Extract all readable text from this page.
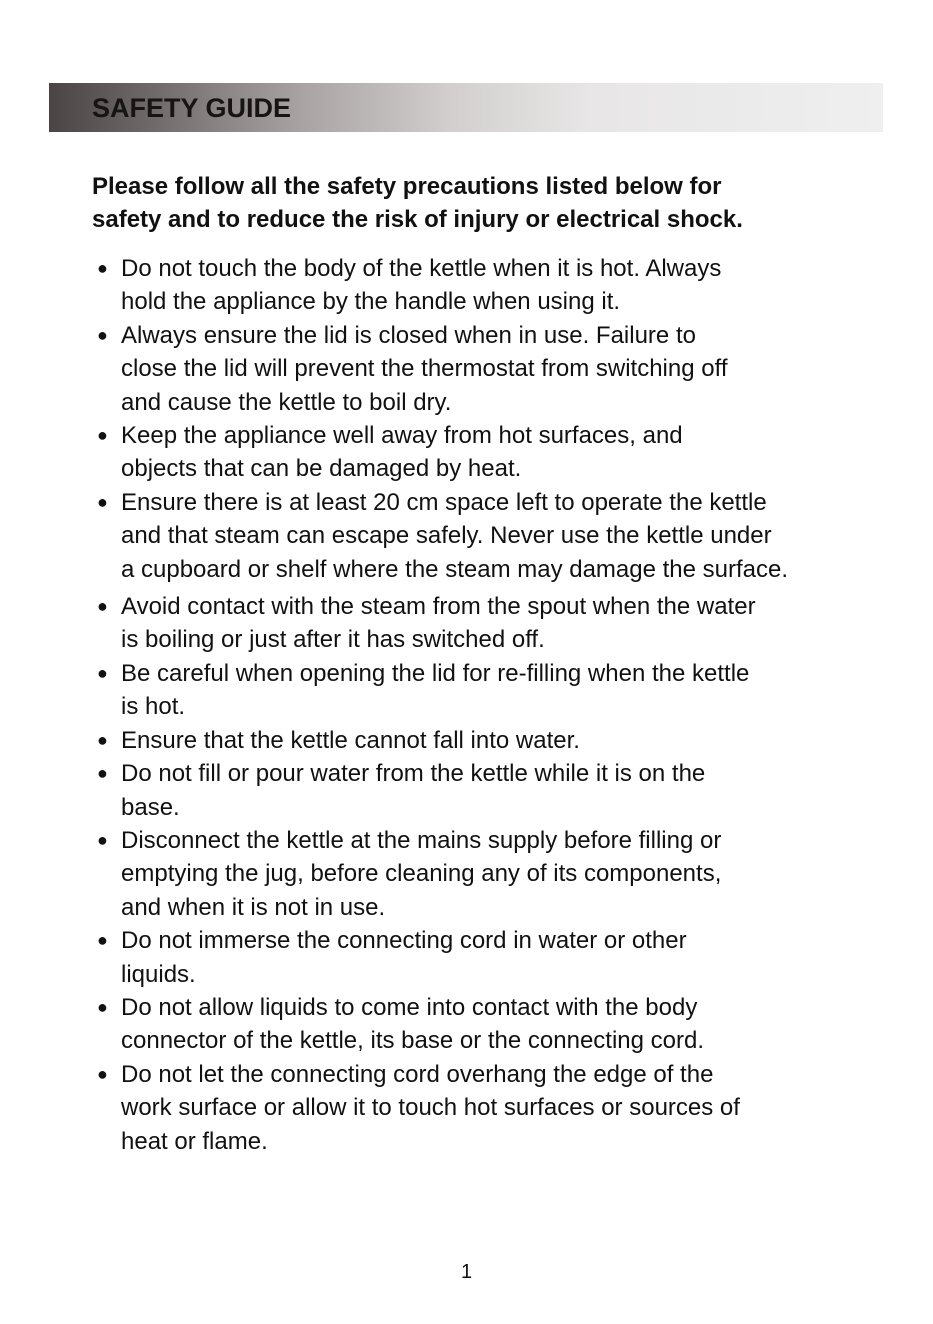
SAFETY GUIDE

Please follow all the safety precautions listed below for
safety and to reduce the risk of injury or electrical shock.

● Do not touch the body of the kettle when it is hot. Always
hold the appliance by the handle when using it.
● Always ensure the lid is closed when in use. Failure to
close the lid will prevent the thermostat from switching off
and cause the kettle to boil dry.
● Keep the appliance well away from hot surfaces, and
objects that can be damaged by heat.
● Ensure there is at least 20 cm space left to operate the kettle
and that steam can escape safely. Never use the kettle under
a cupboard or shelf where the steam may damage the surface.
● Avoid contact with the steam from the spout when the water
is boiling or just after it has switched off.
● Be careful when opening the lid for re-filling when the kettle
is hot.
● Ensure that the kettle cannot fall into water.
● Do not fill or pour water from the kettle while it is on the
base.
● Disconnect the kettle at the mains supply before filling or
emptying the jug, before cleaning any of its components,
and when it is not in use.
● Do not immerse the connecting cord in water or other
liquids.
● Do not allow liquids to come into contact with the body
connector of the kettle, its base or the connecting cord.
● Do not let the connecting cord overhang the edge of the
work surface or allow it to touch hot surfaces or sources of
heat or flame.

1
